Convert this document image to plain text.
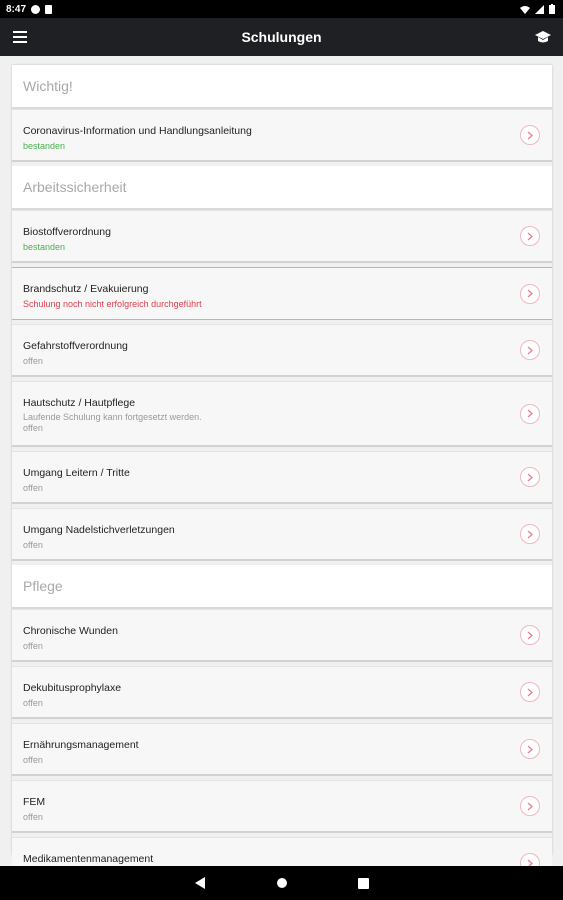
8:47
Schulungen
Wichtig!
Coronavirus-Information und Handlungsanleitung
bestanden
Arbeitssicherheit
Biostoffverordnung
bestanden
Brandschutz / Evakuierung
Schulung noch nicht erfolgreich durchgeführt
Gefahrstoffverordnung
offen
Hautschutz / Hautpflege
Laufende Schulung kann fortgesetzt werden.
offen
Umgang Leitern / Tritte
offen
Umgang Nadelstichverletzungen
offen
Pflege
Chronische Wunden
offen
Dekubitusprophylaxe
offen
Ernährungsmanagement
offen
FEM
offen
Medikamentenmanagement
